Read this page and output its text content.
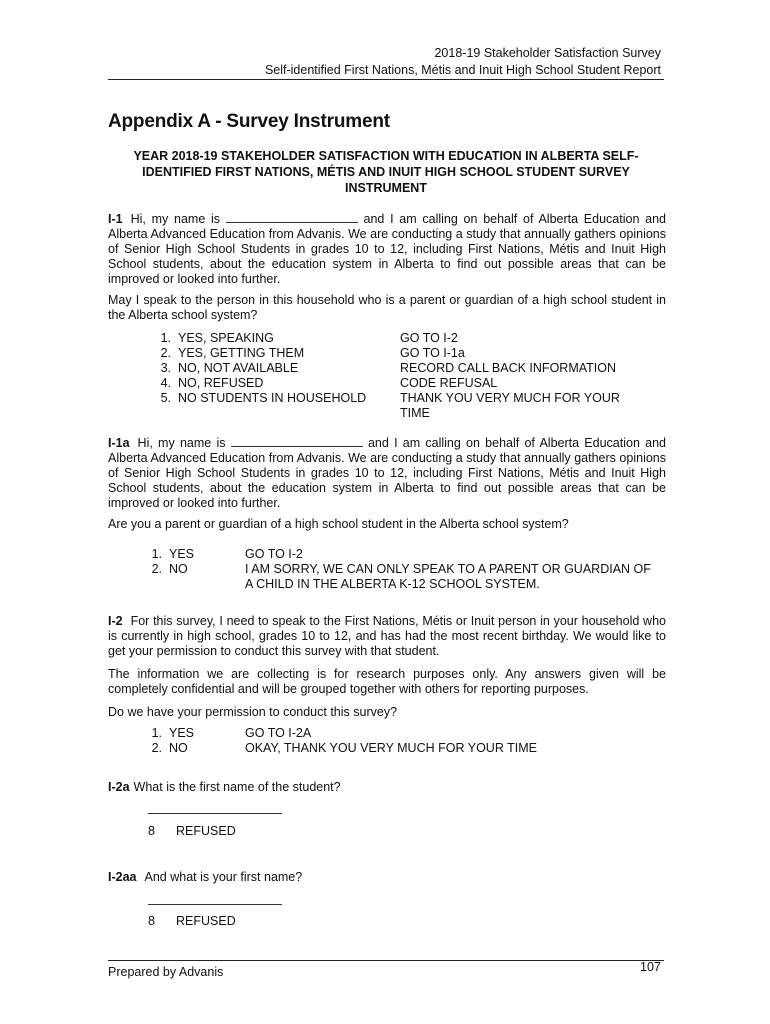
2018-19 Stakeholder Satisfaction Survey
Self-identified First Nations, Métis and Inuit High School Student Report
Appendix A - Survey Instrument
YEAR 2018-19 STAKEHOLDER SATISFACTION WITH EDUCATION IN ALBERTA SELF-IDENTIFIED FIRST NATIONS, MÉTIS AND INUIT HIGH SCHOOL STUDENT SURVEY INSTRUMENT
I-1 Hi, my name is	and I am calling on behalf of Alberta Education and Alberta Advanced Education from Advanis. We are conducting a study that annually gathers opinions of Senior High School Students in grades 10 to 12, including First Nations, Métis and Inuit High School students, about the education system in Alberta to find out possible areas that can be improved or looked into further.
May I speak to the person in this household who is a parent or guardian of a high school student in the Alberta school system?
1. YES, SPEAKING	GO TO I-2
2. YES, GETTING THEM	GO TO I-1a
3. NO, NOT AVAILABLE	RECORD CALL BACK INFORMATION
4. NO, REFUSED	CODE REFUSAL
5. NO STUDENTS IN HOUSEHOLD	THANK YOU VERY MUCH FOR YOUR
TIME
I-1a Hi, my name is	and I am calling on behalf of Alberta Education and Alberta Advanced Education from Advanis. We are conducting a study that annually gathers opinions of Senior High School Students in grades 10 to 12, including First Nations, Métis and Inuit High School students, about the education system in Alberta to find out possible areas that can be improved or looked into further.
Are you a parent or guardian of a high school student in the Alberta school system?
1. YES	GO TO I-2
2. NO	I AM SORRY, WE CAN ONLY SPEAK TO A PARENT OR GUARDIAN OF
A CHILD IN THE ALBERTA K-12 SCHOOL SYSTEM.
I-2 For this survey, I need to speak to the First Nations, Métis or Inuit person in your household who is currently in high school, grades 10 to 12, and has had the most recent birthday. We would like to get your permission to conduct this survey with that student.
The information we are collecting is for research purposes only. Any answers given will be completely confidential and will be grouped together with others for reporting purposes.
Do we have your permission to conduct this survey?
1. YES	GO TO I-2A
2. NO	OKAY, THANK YOU VERY MUCH FOR YOUR TIME
I-2a What is the first name of the student?
8 REFUSED
I-2aa And what is your first name?
8 REFUSED
Prepared by Advanis	107
